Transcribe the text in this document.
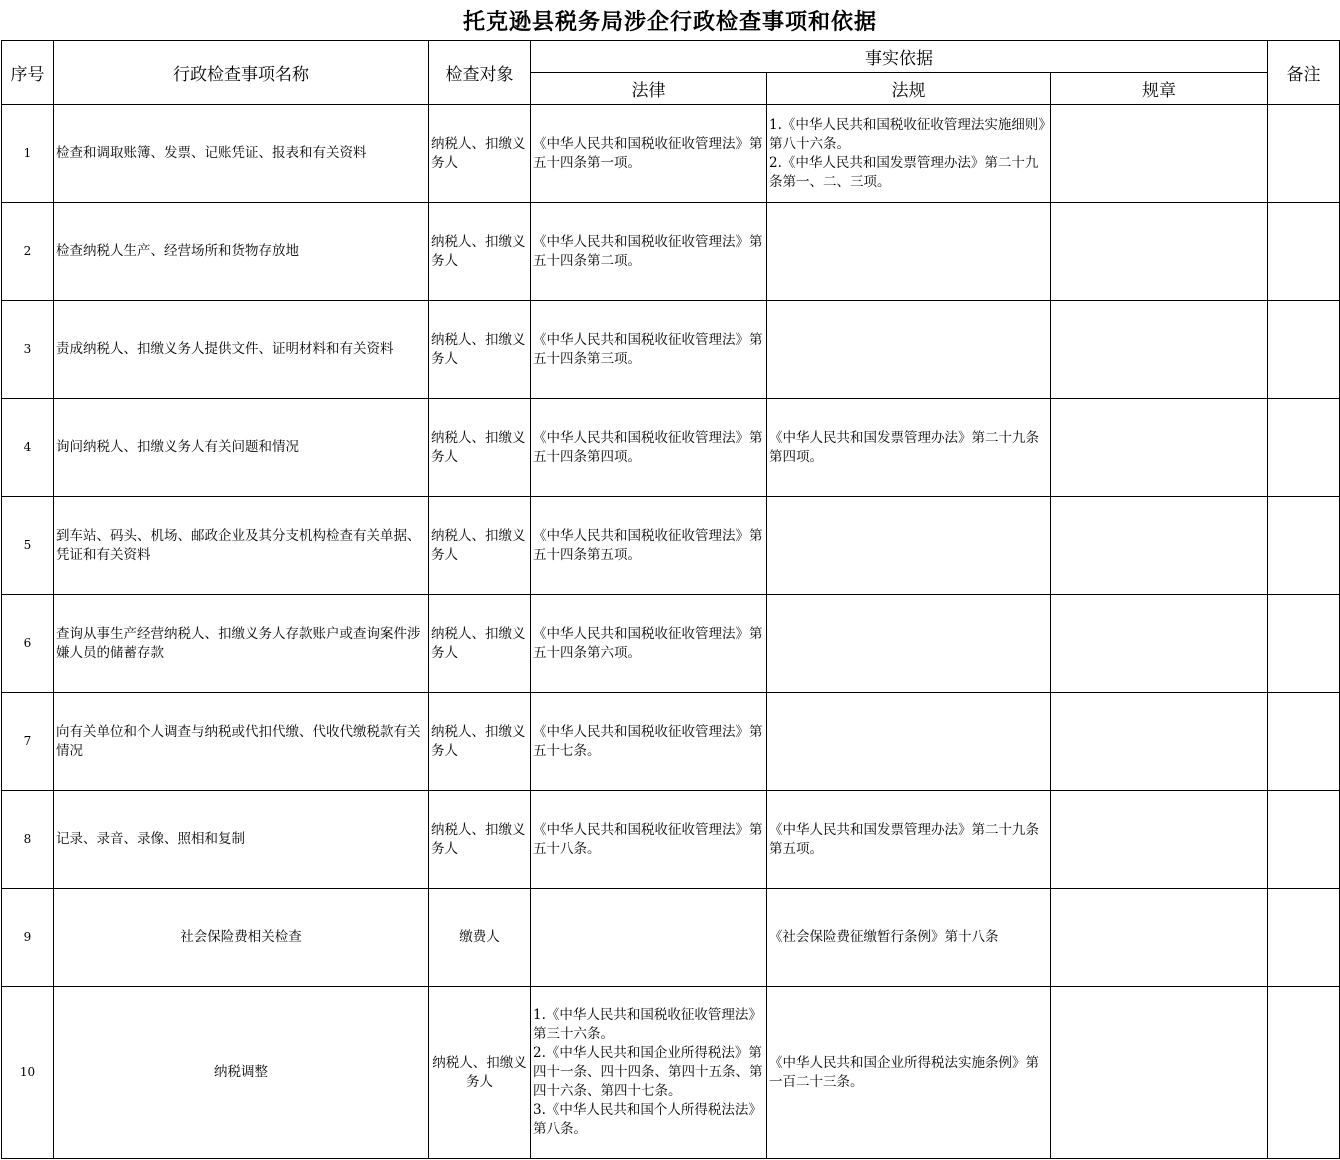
托克逊县税务局涉企行政检查事项和依据
序号	行政检查事项名称	检查对象	事实依据			备注
			法律	法规	规章	
1	检查和调取账簿、发票、记账凭证、报表和有关资料	纳税人、扣缴义务人	《中华人民共和国税收征收管理法》第五十四条第一项。	1.《中华人民共和国税收征收管理法实施细则》第八十六条。
2.《中华人民共和国发票管理办法》第二十九条第一、二、三项。		

2	检查纳税人生产、经营场所和货物存放地	纳税人、扣缴义务人	《中华人民共和国税收征收管理法》第五十四条第二项。			

3	责成纳税人、扣缴义务人提供文件、证明材料和有关资料	纳税人、扣缴义务人	《中华人民共和国税收征收管理法》第五十四条第三项。			

4	询问纳税人、扣缴义务人有关问题和情况	纳税人、扣缴义务人	《中华人民共和国税收征收管理法》第五十四条第四项。	《中华人民共和国发票管理办法》第二十九条第四项。		

5	到车站、码头、机场、邮政企业及其分支机构检查有关单据、凭证和有关资料	纳税人、扣缴义务人	《中华人民共和国税收征收管理法》第五十四条第五项。			

6	查询从事生产经营纳税人、扣缴义务人存款账户或查询案件涉嫌人员的储蓄存款	纳税人、扣缴义务人	《中华人民共和国税收征收管理法》第五十四条第六项。			

7	向有关单位和个人调查与纳税或代扣代缴、代收代缴税款有关情况	纳税人、扣缴义务人	《中华人民共和国税收征收管理法》第五十七条。			

8	记录、录音、录像、照相和复制	纳税人、扣缴义务人	《中华人民共和国税收征收管理法》第五十八条。	《中华人民共和国发票管理办法》第二十九条第五项。		

9	社会保险费相关检查	缴费人		《社会保险费征缴暂行条例》第十八条		

10	纳税调整	纳税人、扣缴义务人	1.《中华人民共和国税收征收管理法》第三十六条。
2.《中华人民共和国企业所得税法》第四十一条、四十四条、第四十五条、第四十六条、第四十七条。
3.《中华人民共和国个人所得税法法》第八条。	《中华人民共和国企业所得税法实施条例》第一百二十三条。		
